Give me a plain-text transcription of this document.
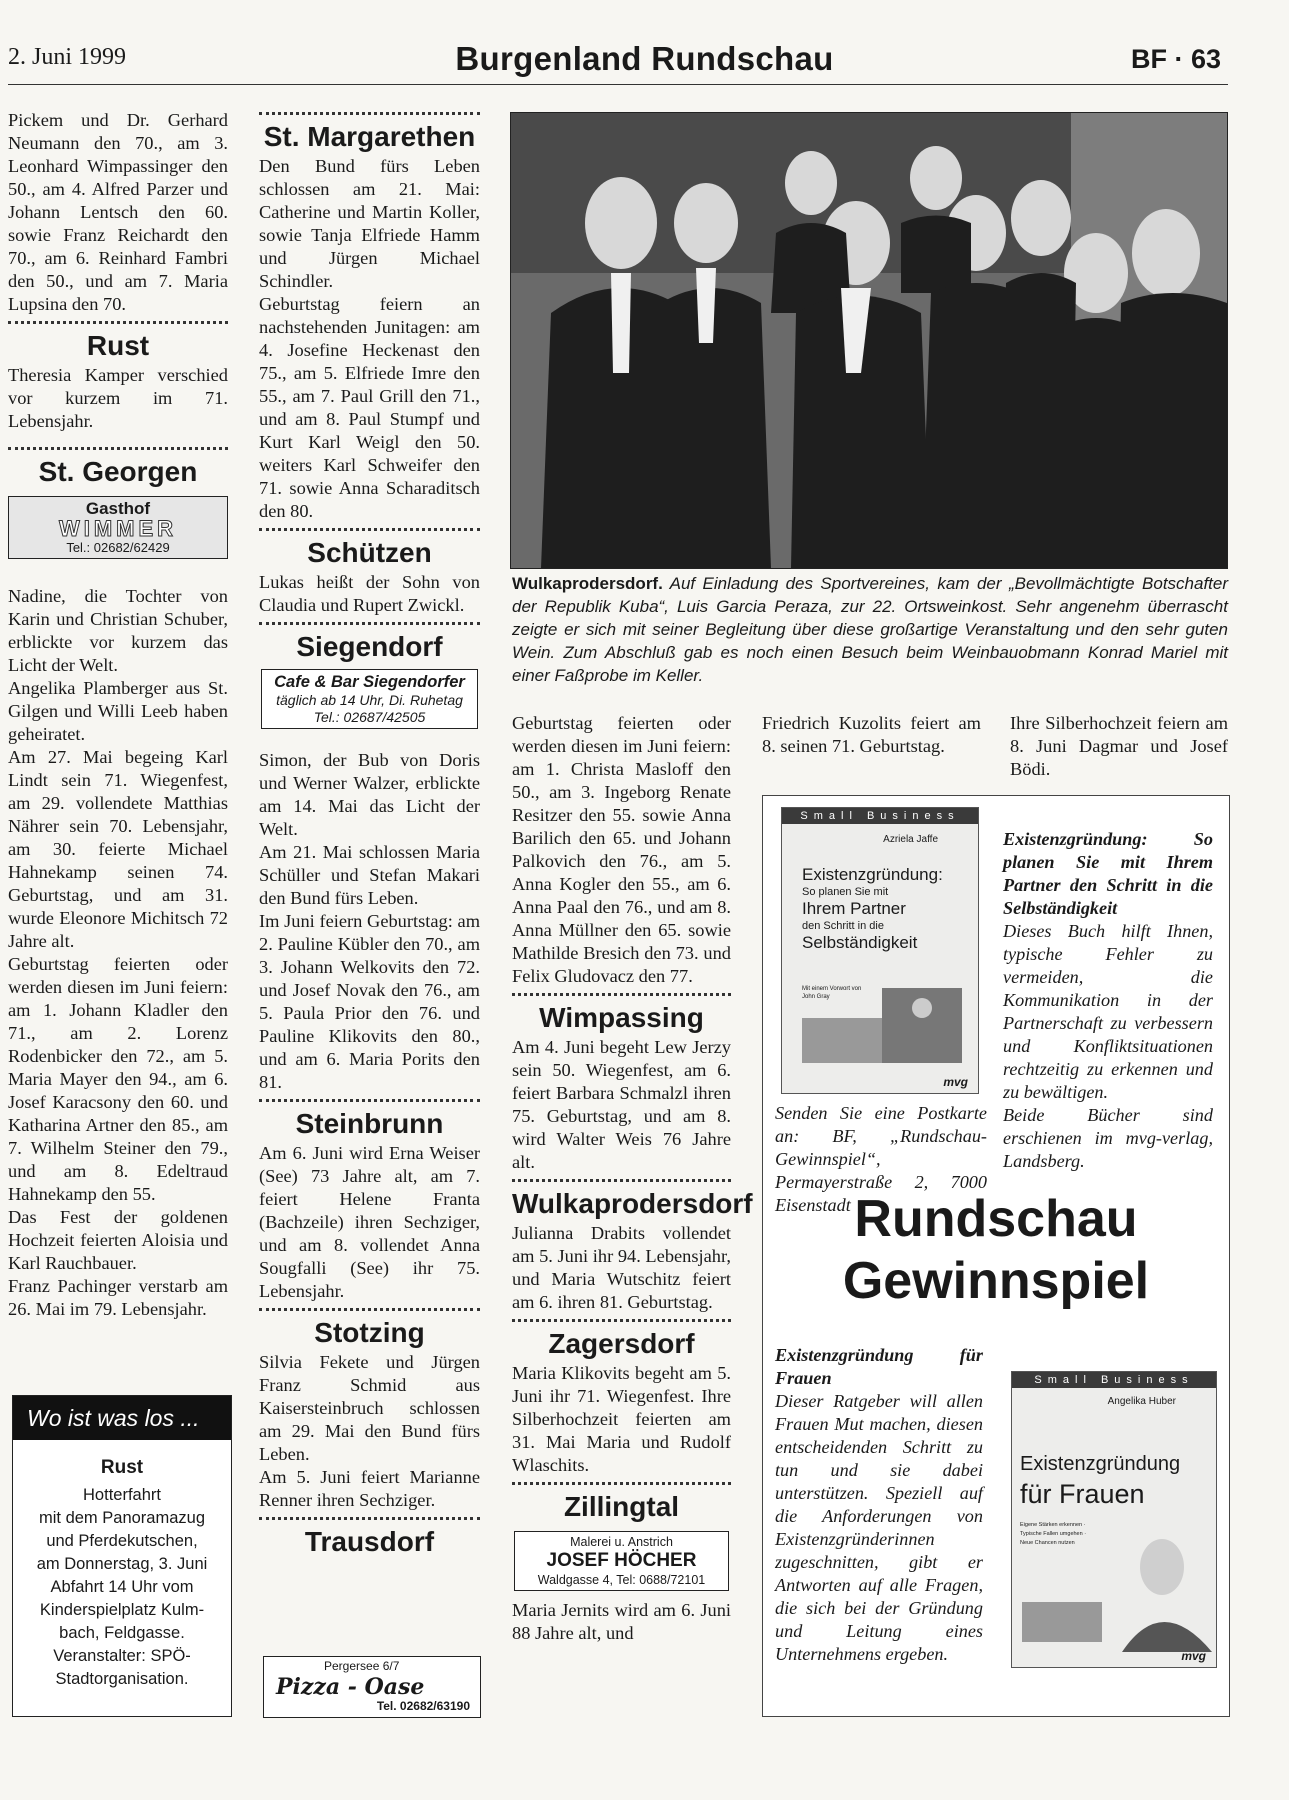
2. Juni 1999	Burgenland Rundschau	BF · 63

Pickem und Dr. Gerhard Neumann den 70., am 3. Leonhard Wimpassinger den 50., am 4. Alfred Parzer und Johann Lentsch den 60. sowie Franz Reichardt den 70., am 6. Reinhard Fambri den 50., und am 7. Maria Lupsina den 70.

Rust

Theresia Kamper verschied vor kurzem im 71. Lebensjahr.

St. Georgen
Gasthof
WIMMER
Tel.: 02682/62429

Nadine, die Tochter von Karin und Christian Schuber, erblickte vor kurzem das Licht der Welt.

Angelika Plamberger aus St. Gilgen und Willi Leeb haben geheiratet.

Am 27. Mai begeing Karl Lindt sein 71. Wiegenfest, am 29. vollendete Matthias Nährer sein 70. Lebensjahr, am 30. feierte Michael Hahnekamp seinen 74. Geburtstag, und am 31. wurde Eleonore Michitsch 72 Jahre alt.

Geburtstag feierten oder werden diesen im Juni feiern: am 1. Johann Kladler den 71., am 2. Lorenz Rodenbicker den 72., am 5. Maria Mayer den 94., am 6. Josef Karacsony den 60. und Katharina Artner den 85., am 7. Wilhelm Steiner den 79., und am 8. Edeltraud Hahnekamp den 55.

Das Fest der goldenen Hochzeit feierten Aloisia und Karl Rauchbauer.

Franz Pachinger verstarb am 26. Mai im 79. Lebensjahr.

Wo ist was los ...
Rust
Hotterfahrt
mit dem Panoramazug
und Pferdekutschen,
am Donnerstag, 3. Juni
Abfahrt 14 Uhr vom
Kinderspielplatz Kulm-
bach, Feldgasse.
Veranstalter: SPÖ-
Stadtorganisation.
St. Margarethen

Den Bund fürs Leben schlossen am 21. Mai: Catherine und Martin Koller, sowie Tanja Elfriede Hamm und Jürgen Michael Schindler.

Geburtstag feiern an nachstehenden Junitagen: am 4. Josefine Heckenast den 75., am 5. Elfriede Imre den 55., am 7. Paul Grill den 71., und am 8. Paul Stumpf und Kurt Karl Weigl den 50. weiters Karl Schweifer den 71. sowie Anna Scharaditsch den 80.

Schützen

Lukas heißt der Sohn von Claudia und Rupert Zwickl.

Siegendorf
Cafe & Bar Siegendorfer
täglich ab 14 Uhr, Di. Ruhetag
Tel.: 02687/42505

Simon, der Bub von Doris und Werner Walzer, erblickte am 14. Mai das Licht der Welt.

Am 21. Mai schlossen Maria Schüller und Stefan Makari den Bund fürs Leben.

Im Juni feiern Geburtstag: am 2. Pauline Kübler den 70., am 3. Johann Welkovits den 72. und Josef Novak den 76., am 5. Paula Prior den 76. und Pauline Klikovits den 80., und am 6. Maria Porits den 81.

Steinbrunn

Am 6. Juni wird Erna Weiser (See) 73 Jahre alt, am 7. feiert Helene Franta (Bachzeile) ihren Sechziger, und am 8. vollendet Anna Sougfalli (See) ihr 75. Lebensjahr.

Stotzing

Silvia Fekete und Jürgen Franz Schmid aus Kaisersteinbruch schlossen am 29. Mai den Bund fürs Leben.

Am 5. Juni feiert Marianne Renner ihren Sechziger.

Trausdorf
Pergersee 6/7
Pizza - Oase
Tel. 02682/63190
Wulkaprodersdorf. Auf Einladung des Sportvereines, kam der „Bevollmächtigte Botschafter der Republik Kuba“, Luis Garcia Peraza, zur 22. Ortsweinkost. Sehr angenehm überrascht zeigte er sich mit seiner Begleitung über diese großartige Veranstaltung und den sehr guten Wein. Zum Abschluß gab es noch einen Besuch beim Weinbauobmann Konrad Mariel mit einer Faßprobe im Keller.

Geburtstag feierten oder werden diesen im Juni feiern: am 1. Christa Masloff den 50., am 3. Ingeborg Renate Resitzer den 55. sowie Anna Barilich den 65. und Johann Palkovich den 76., am 5. Anna Kogler den 55., am 6. Anna Paal den 76., und am 8. Anna Müllner den 65. sowie Mathilde Bresich den 73. und Felix Gludovacz den 77.

Wimpassing

Am 4. Juni begeht Lew Jerzy sein 50. Wiegenfest, am 6. feiert Barbara Schmalzl ihren 75. Geburtstag, und am 8. wird Walter Weis 76 Jahre alt.

Wulkaprodersdorf

Julianna Drabits vollendet am 5. Juni ihr 94. Lebensjahr, und Maria Wutschitz feiert am 6. ihren 81. Geburtstag.

Zagersdorf

Maria Klikovits begeht am 5. Juni ihr 71. Wiegenfest. Ihre Silberhochzeit feierten am 31. Mai Maria und Rudolf Wlaschits.

Zillingtal
Malerei u. Anstrich
JOSEF HÖCHER
Waldgasse 4, Tel: 0688/72101

Maria Jernits wird am 6. Juni 88 Jahre alt, und

Friedrich Kuzolits feiert am 8. seinen 71. Geburtstag.
Ihre Silberhochzeit feiern am 8. Juni Dagmar und Josef Bödi.
Small Business
Azriela Jaffe
Existenzgründung:
So planen Sie mit
Ihrem Partner
den Schritt in die
Selbständigkeit
Mit einem Vorwort von John Gray
mvg
Existenzgründung: So planen Sie mit Ihrem Partner den Schritt in die Selbständigkeit
Dieses Buch hilft Ihnen, typische Fehler zu vermeiden, die Kommunikation in der Partnerschaft zu verbessern und Konfliktsituationen rechtzeitig zu erkennen und zu bewältigen.
Beide Bücher sind erschienen im mvg-verlag, Landsberg.
Senden Sie eine Postkarte an: BF, „Rundschau-Gewinnspiel“, Permayerstraße 2, 7000 Eisenstadt Rundschau
Gewinnspiel
Existenzgründung für Frauen
Dieser Ratgeber will allen Frauen Mut machen, diesen entscheidenden Schritt zu tun und sie dabei unterstützen. Speziell auf die Anforderungen von Existenzgründerinnen zugeschnitten, gibt er Antworten auf alle Fragen, die sich bei der Gründung und Leitung eines Unternehmens ergeben.
Small Business
Angelika Huber
Existenzgründung
für Frauen
Eigene Stärken erkennen · Typische Fallen umgehen · Neue Chancen nutzen
mvg
